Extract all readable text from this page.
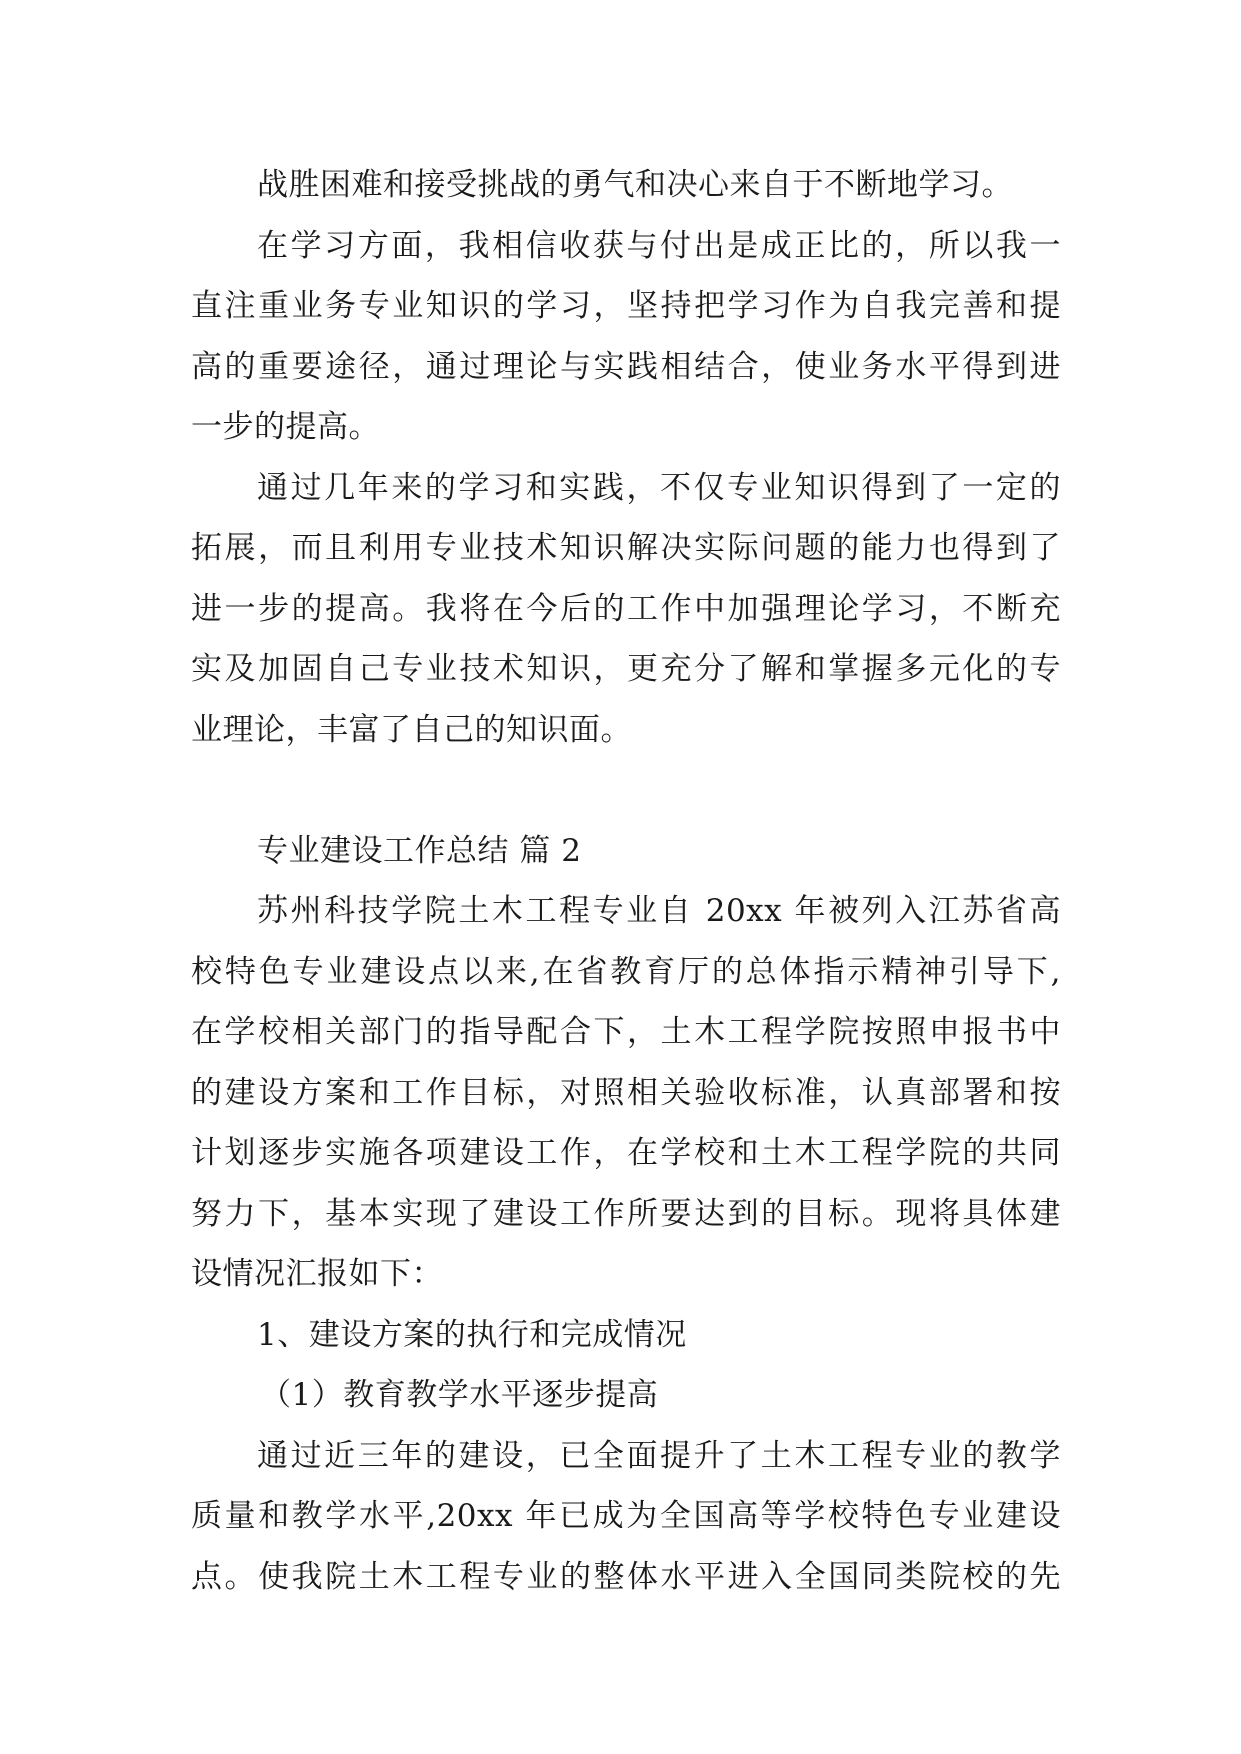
战胜困难和接受挑战的勇气和决心来自于不断地学习。
在学习方面，我相信收获与付出是成正比的，所以我一
直注重业务专业知识的学习，坚持把学习作为自我完善和提
高的重要途径，通过理论与实践相结合，使业务水平得到进
一步的提高。
通过几年来的学习和实践，不仅专业知识得到了一定的
拓展，而且利用专业技术知识解决实际问题的能力也得到了
进一步的提高。我将在今后的工作中加强理论学习，不断充
实及加固自己专业技术知识，更充分了解和掌握多元化的专
业理论，丰富了自己的知识面。
专业建设工作总结 篇 2
苏州科技学院土木工程专业自 20xx 年被列入江苏省高
校特色专业建设点以来,在省教育厅的总体指示精神引导下,
在学校相关部门的指导配合下，土木工程学院按照申报书中
的建设方案和工作目标，对照相关验收标准，认真部署和按
计划逐步实施各项建设工作，在学校和土木工程学院的共同
努力下，基本实现了建设工作所要达到的目标。现将具体建
设情况汇报如下：
1、建设方案的执行和完成情况
（1）教育教学水平逐步提高
通过近三年的建设，已全面提升了土木工程专业的教学
质量和教学水平,20xx 年已成为全国高等学校特色专业建设
点。使我院土木工程专业的整体水平进入全国同类院校的先
